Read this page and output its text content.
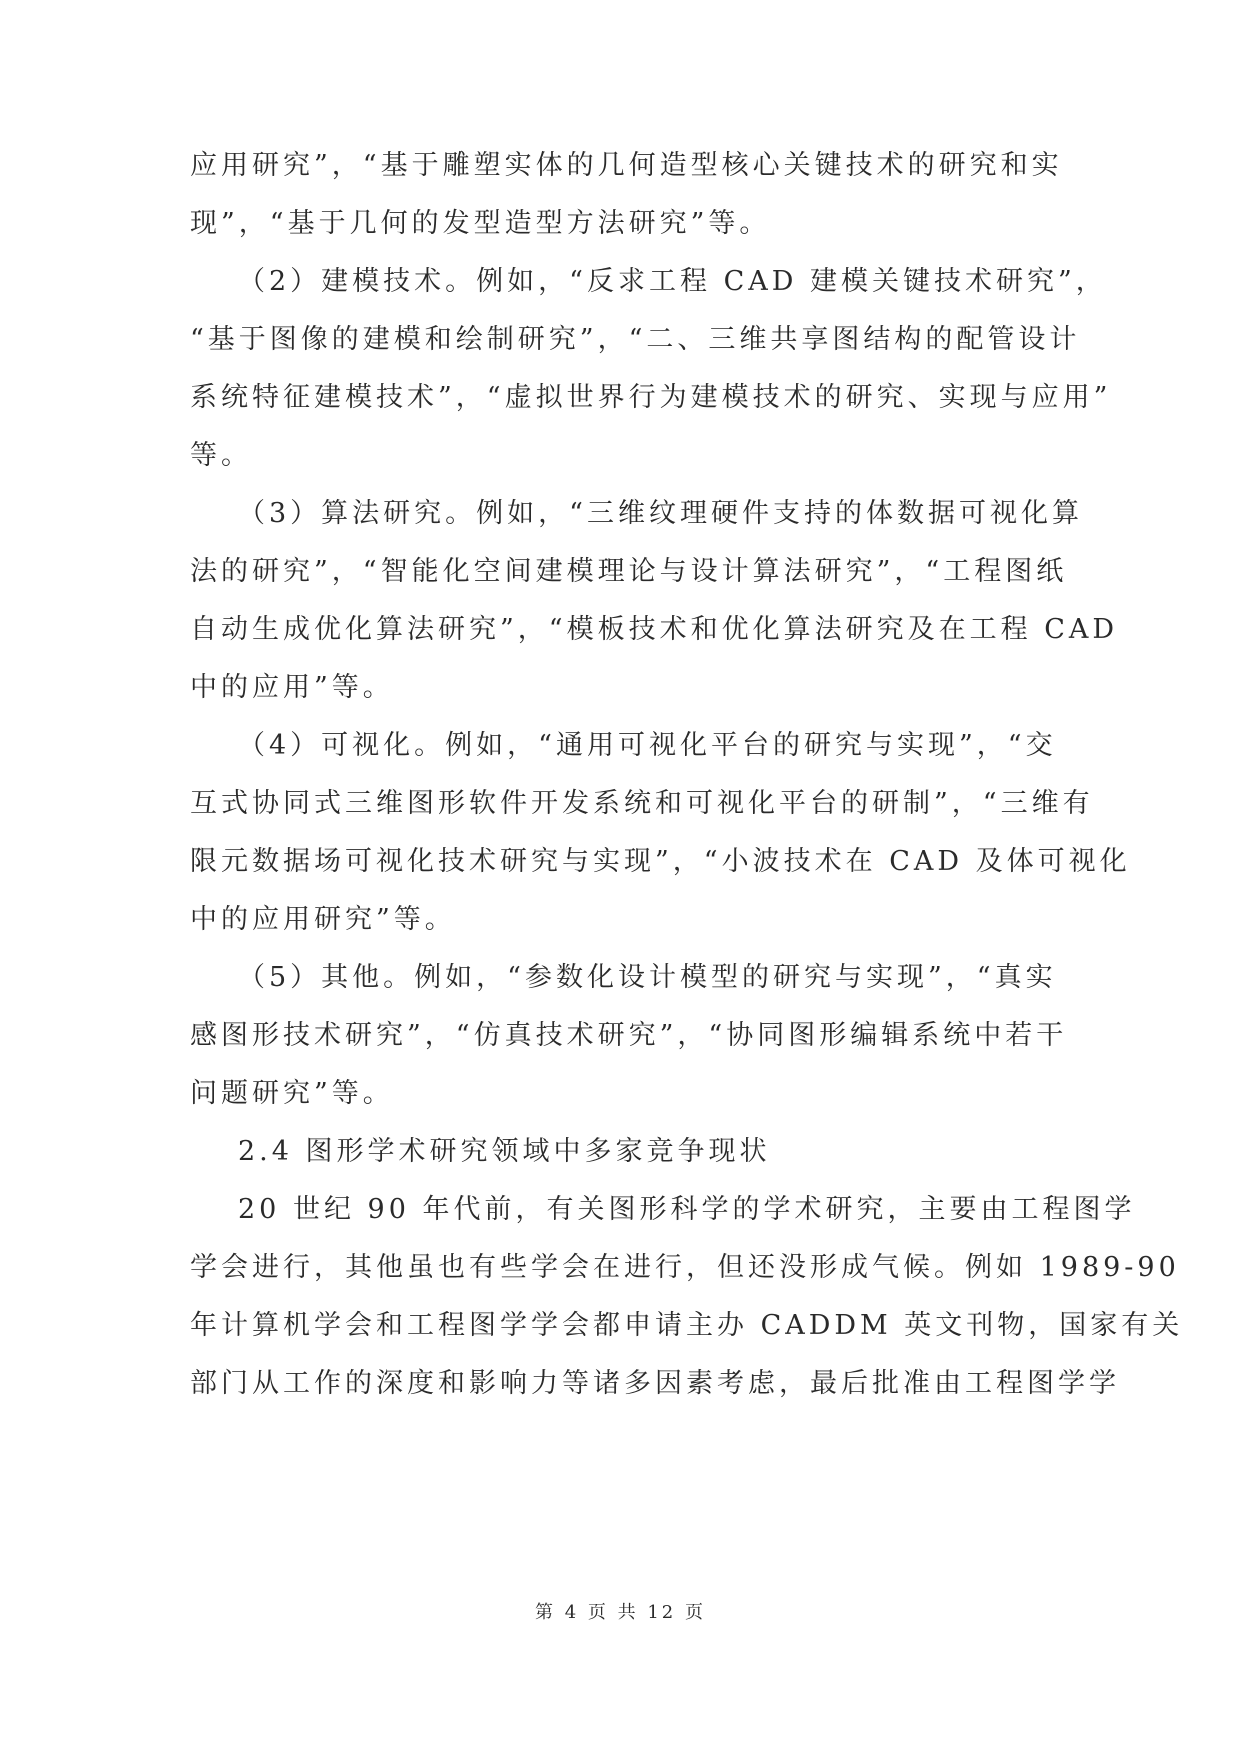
应用研究”，“基于雕塑实体的几何造型核心关键技术的研究和实
现”，“基于几何的发型造型方法研究”等。
（2）建模技术。例如，“反求工程 CAD 建模关键技术研究”，
“基于图像的建模和绘制研究”，“二、三维共享图结构的配管设计
系统特征建模技术”，“虚拟世界行为建模技术的研究、实现与应用”
等。
（3）算法研究。例如，“三维纹理硬件支持的体数据可视化算
法的研究”，“智能化空间建模理论与设计算法研究”，“工程图纸
自动生成优化算法研究”，“模板技术和优化算法研究及在工程 CAD
中的应用”等。
（4）可视化。例如，“通用可视化平台的研究与实现”，“交
互式协同式三维图形软件开发系统和可视化平台的研制”，“三维有
限元数据场可视化技术研究与实现”，“小波技术在 CAD 及体可视化
中的应用研究”等。
（5）其他。例如，“参数化设计模型的研究与实现”，“真实
感图形技术研究”，“仿真技术研究”，“协同图形编辑系统中若干
问题研究”等。
2.4 图形学术研究领域中多家竞争现状
20 世纪 90 年代前，有关图形科学的学术研究，主要由工程图学
学会进行，其他虽也有些学会在进行，但还没形成气候。例如 1989-90
年计算机学会和工程图学学会都申请主办 CADDM 英文刊物，国家有关
部门从工作的深度和影响力等诸多因素考虑，最后批准由工程图学学
第 4 页 共 12 页
